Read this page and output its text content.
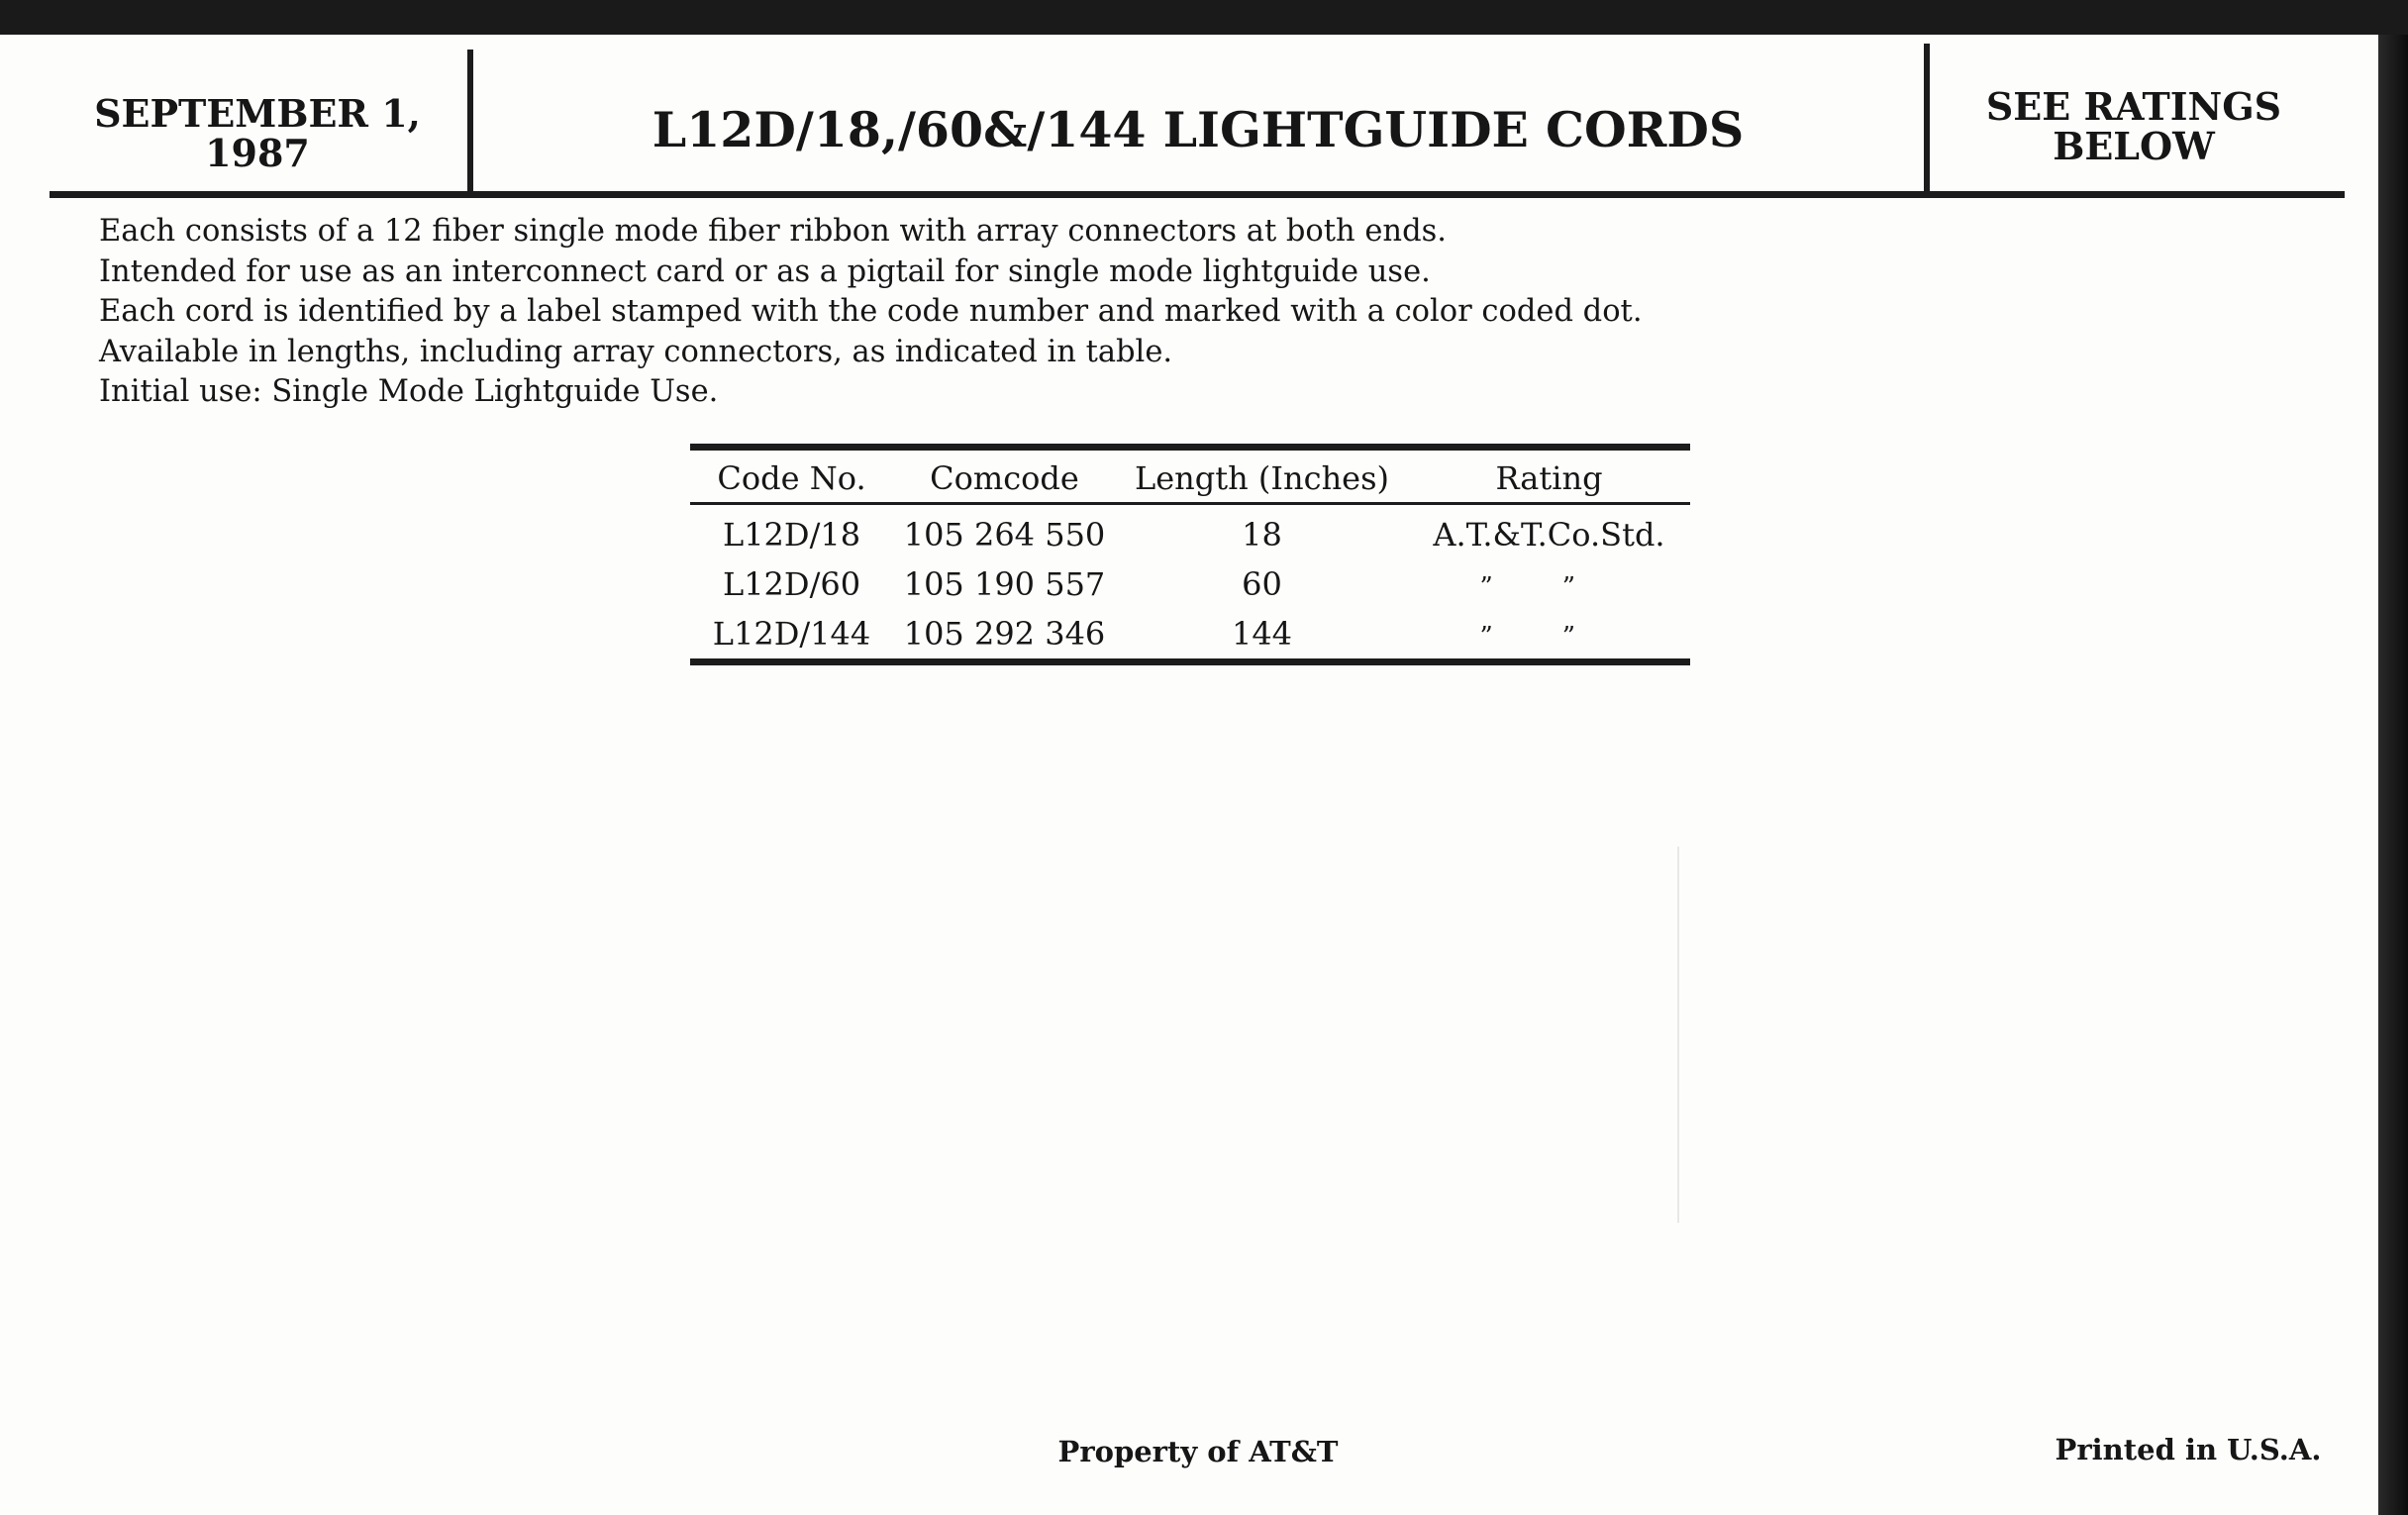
SEPTEMBER 1,
1987	L12D/18,/60&/144 LIGHTGUIDE CORDS	SEE RATINGS
BELOW
Each consists of a 12 fiber single mode fiber ribbon with array connectors at both ends.
Intended for use as an interconnect card or as a pigtail for single mode lightguide use.
Each cord is identified by a label stamped with the code number and marked with a color coded dot.
Available in lengths, including array connectors, as indicated in table.
Initial use: Single Mode Lightguide Use.
Code No.	Comcode	Length (Inches)	Rating
L12D/18	105 264 550	18	A.T.&T.Co.Std.
L12D/60	105 190 557	60	”	”
L12D/144	105 292 346	144	”	”
Property of AT&T	Printed in U.S.A.
